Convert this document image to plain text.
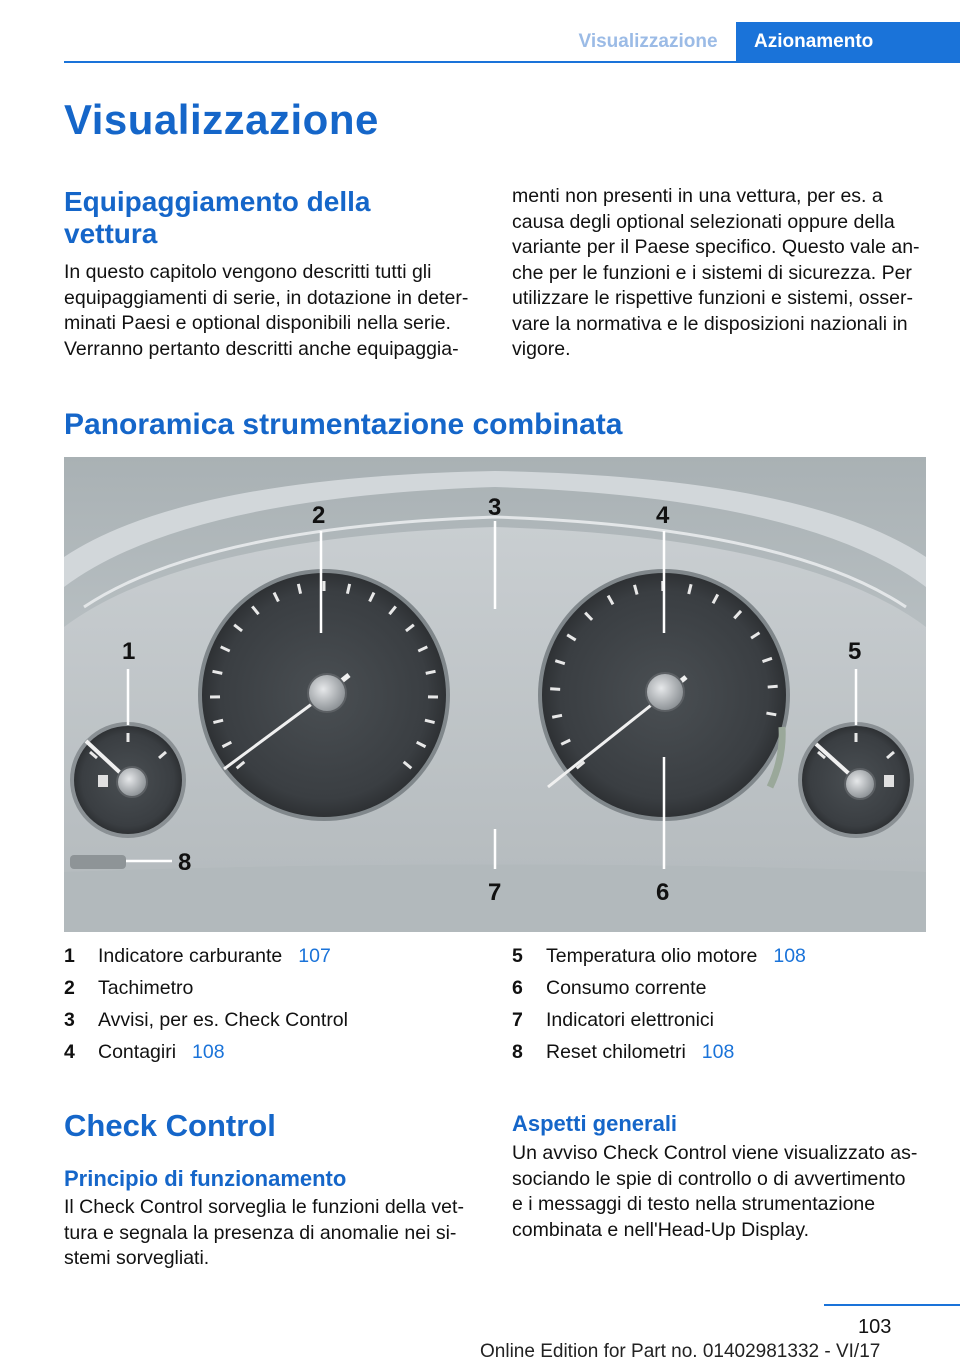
Visualizzazione	Azionamento
Visualizzazione
Equipaggiamento della
vettura
In questo capitolo vengono descritti tutti gli
equipaggiamenti di serie, in dotazione in deter-
minati Paesi e optional disponibili nella serie.
Verranno pertanto descritti anche equipaggia-
menti non presenti in una vettura, per es. a
causa degli optional selezionati oppure della
variante per il Paese specifico. Questo vale an-
che per le funzioni e i sistemi di sicurezza. Per
utilizzare le rispettive funzioni e sistemi, osser-
vare la normativa e le disposizioni nazionali in
vigore.
Panoramica strumentazione combinata
1
2	3	4
5
6
7
8
1	Indicatore carburante 107
2	Tachimetro
3	Avvisi, per es. Check Control
4	Contagiri 108
5	Temperatura olio motore 108
6	Consumo corrente
7	Indicatori elettronici
8	Reset chilometri 108
Check Control
Principio di funzionamento
Il Check Control sorveglia le funzioni della vet-
tura e segnala la presenza di anomalie nei si-
stemi sorvegliati.
Aspetti generali
Un avviso Check Control viene visualizzato as-
sociando le spie di controllo o di avvertimento
e i messaggi di testo nella strumentazione
combinata e nell'Head-Up Display.
103
Online Edition for Part no. 01402981332 - VI/17
